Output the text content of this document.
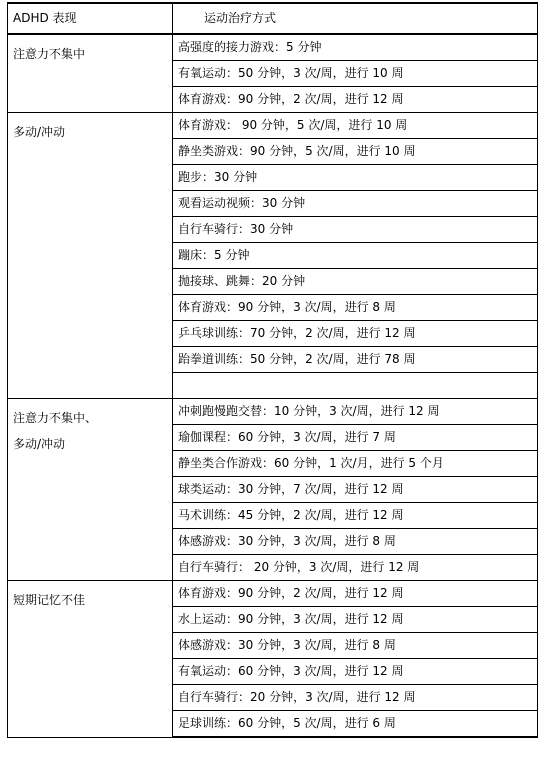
ADHD 表现	运动治疗方式

注意力不集中	高强度的接力游戏：5 分钟
	有氧运动：50 分钟，3 次/周，进行 10 周
	体育游戏：90 分钟，2 次/周，进行 12 周

多动/冲动	体育游戏： 90 分钟，5 次/周，进行 10 周
	静坐类游戏：90 分钟，5 次/周，进行 10 周
	跑步：30 分钟
	观看运动视频：30 分钟
	自行车骑行：30 分钟
	蹦床：5 分钟
	抛接球、跳舞：20 分钟
	体育游戏：90 分钟，3 次/周，进行 8 周
	乒乓球训练：70 分钟，2 次/周，进行 12 周
	跆拳道训练：50 分钟，2 次/周，进行 78 周

注意力不集中、
多动/冲动	冲刺跑慢跑交替：10 分钟，3 次/周，进行 12 周
	瑜伽课程：60 分钟，3 次/周，进行 7 周
	静坐类合作游戏：60 分钟，1 次/月，进行 5 个月
	球类运动：30 分钟，7 次/周，进行 12 周
	马术训练：45 分钟，2 次/周，进行 12 周
	体感游戏：30 分钟，3 次/周，进行 8 周
	自行车骑行： 20 分钟，3 次/周，进行 12 周

短期记忆不佳	体育游戏：90 分钟，2 次/周，进行 12 周
	水上运动：90 分钟，3 次/周，进行 12 周
	体感游戏：30 分钟，3 次/周，进行 8 周
	有氧运动：60 分钟，3 次/周，进行 12 周
	自行车骑行：20 分钟，3 次/周，进行 12 周
	足球训练：60 分钟，5 次/周，进行 6 周
